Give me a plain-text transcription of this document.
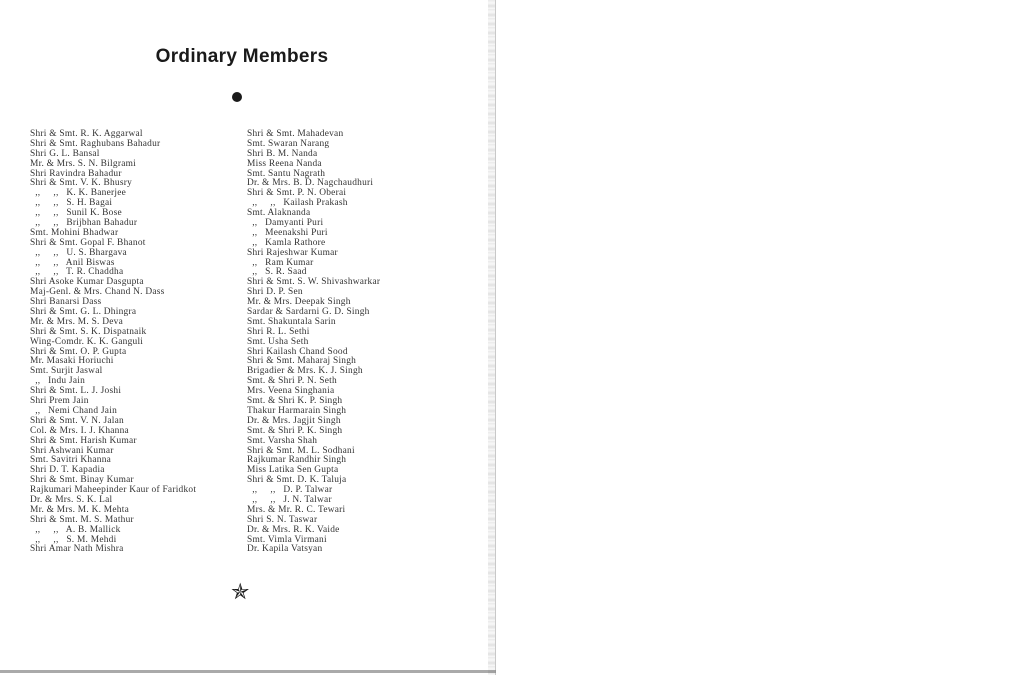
Ordinary Members
Shri & Smt. R. K. Aggarwal
Shri & Smt. Raghubans Bahadur
Shri G. L. Bansal
Mr. & Mrs. S. N. Bilgrami
Shri Ravindra Bahadur
Shri & Smt. V. K. Bhusry
,,     ,,   K. K. Banerjee
,,     ,,   S. H. Bagai
,,     ,,   Sunil K. Bose
,,     ,,   Brijbhan Bahadur
Smt. Mohini Bhadwar
Shri & Smt. Gopal F. Bhanot
,,     ,,   U. S. Bhargava
,,     ,,   Anil Biswas
,,     ,,   T. R. Chaddha
Shri Asoke Kumar Dasgupta
Maj-Genl. & Mrs. Chand N. Dass
Shri Banarsi Dass
Shri & Smt. G. L. Dhingra
Mr. & Mrs. M. S. Deva
Shri & Smt. S. K. Dispatnaik
Wing-Comdr. K. K. Ganguli
Shri & Smt. O. P. Gupta
Mr. Masaki Horiuchi
Smt. Surjit Jaswal
,,   Indu Jain
Shri & Smt. L. J. Joshi
Shri Prem Jain
,,   Nemi Chand Jain
Shri & Smt. V. N. Jalan
Col. & Mrs. I. J. Khanna
Shri & Smt. Harish Kumar
Shri Ashwani Kumar
Smt. Savitri Khanna
Shri D. T. Kapadia
Shri & Smt. Binay Kumar
Rajkumari Maheepinder Kaur of Faridkot
Dr. & Mrs. S. K. Lal
Mr. & Mrs. M. K. Mehta
Shri & Smt. M. S. Mathur
,,     ,,   A. B. Mallick
,,     ,,   S. M. Mehdi
Shri Amar Nath Mishra
Shri & Smt. Mahadevan
Smt. Swaran Narang
Shri B. M. Nanda
Miss Reena Nanda
Smt. Santu Nagrath
Dr. & Mrs. B. D. Nagchaudhuri
Shri & Smt. P. N. Oberai
,,     ,,   Kailash Prakash
Smt. Alaknanda
,,   Damyanti Puri
,,   Meenakshi Puri
,,   Kamla Rathore
Shri Rajeshwar Kumar
,,   Ram Kumar
,,   S. R. Saad
Shri & Smt. S. W. Shivashwarkar
Shri D. P. Sen
Mr. & Mrs. Deepak Singh
Sardar & Sardarni G. D. Singh
Smt. Shakuntala Sarin
Shri R. L. Sethi
Smt. Usha Seth
Shri Kailash Chand Sood
Shri & Smt. Maharaj Singh
Brigadier & Mrs. K. J. Singh
Smt. & Shri P. N. Seth
Mrs. Veena Singhania
Smt. & Shri K. P. Singh
Thakur Harmarain Singh
Dr. & Mrs. Jagjit Singh
Smt. & Shri P. K. Singh
Smt. Varsha Shah
Shri & Smt. M. L. Sodhani
Rajkumar Randhir Singh
Miss Latika Sen Gupta
Shri & Smt. D. K. Taluja
,,     ,,   D. P. Talwar
,,     ,,   J. N. Talwar
Mrs. & Mr. R. C. Tewari
Shri S. N. Taswar
Dr. & Mrs. R. K. Vaide
Smt. Vimla Virmani
Dr. Kapila Vatsyan
✯
